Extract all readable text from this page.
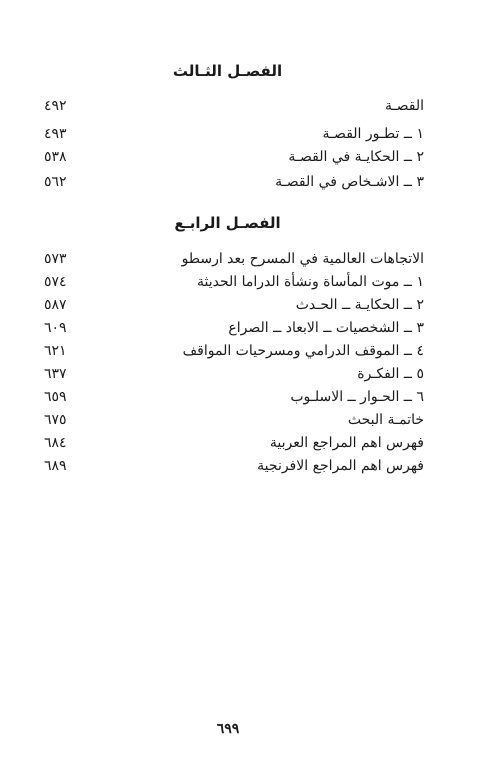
الفصـل الثـالث
القصـة
٤٩٢
١ ــ تطـور القصـة
٤٩٣
٢ ــ الحكايـة في القصـة
٥٣٨
٣ ــ الاشـخاص في القصـة
٥٦٢
الفصـل الرابـع
الاتجاهات العالمية في المسرح بعد ارسطو
٥٧٣
١ ــ موت المأساة ونشأة الدراما الحديثة
٥٧٤
٢ ــ الحكايـة ــ الحـدث
٥٨٧
٣ ــ الشخصيات ــ الابعاد ــ الصراع
٦٠٩
٤ ــ الموقف الدرامي ومسرحيات المواقف
٦٢١
٥ ــ الفكـرة
٦٣٧
٦ ــ الحـوار ــ الاسلـوب
٦٥٩
خاتمـة البحث
٦٧٥
فهرس اهم المراجع العربية
٦٨٤
فهرس اهم المراجع الافرنجية
٦٨٩
٦٩٩
